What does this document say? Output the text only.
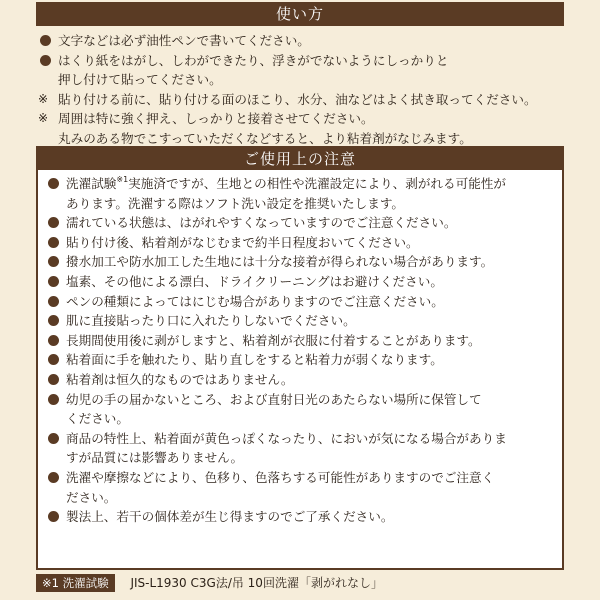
使い方
文字などは必ず油性ペンで書いてください。
はくり紙をはがし、しわができたり、浮きがでないようにしっかりと
押し付けて貼ってください。
※ 貼り付ける前に、貼り付ける面のほこり、水分、油などはよく拭き取ってください。
※ 周囲は特に強く押え、しっかりと接着させてください。
丸みのある物でこすっていただくなどすると、より粘着剤がなじみます。
ご使用上の注意
洗濯試験$^{※1}$実施済ですが、生地との相性や洗濯設定により、剥がれる可能性が
あります。洗濯する際はソフト洗い設定を推奨いたします。
濡れている状態は、はがれやすくなっていますのでご注意ください。
貼り付け後、粘着剤がなじむまで約半日程度おいてください。
撥水加工や防水加工した生地には十分な接着が得られない場合があります。
塩素、その他による漂白、ドライクリーニングはお避けください。
ペンの種類によってはにじむ場合がありますのでご注意ください。
肌に直接貼ったり口に入れたりしないでください。
長期間使用後に剥がしますと、粘着剤が衣服に付着することがあります。
粘着面に手を触れたり、貼り直しをすると粘着力が弱くなります。
粘着剤は恒久的なものではありません。
幼児の手の届かないところ、および直射日光のあたらない場所に保管して
ください。
商品の特性上、粘着面が黄色っぽくなったり、においが気になる場合がありま
すが品質には影響ありません。
洗濯や摩擦などにより、色移り、色落ちする可能性がありますのでご注意く
ださい。
製法上、若干の個体差が生じ得ますのでご了承ください。
※1 洗濯試験 JIS-L1930 C3G法/吊 10回洗濯「剥がれなし」
